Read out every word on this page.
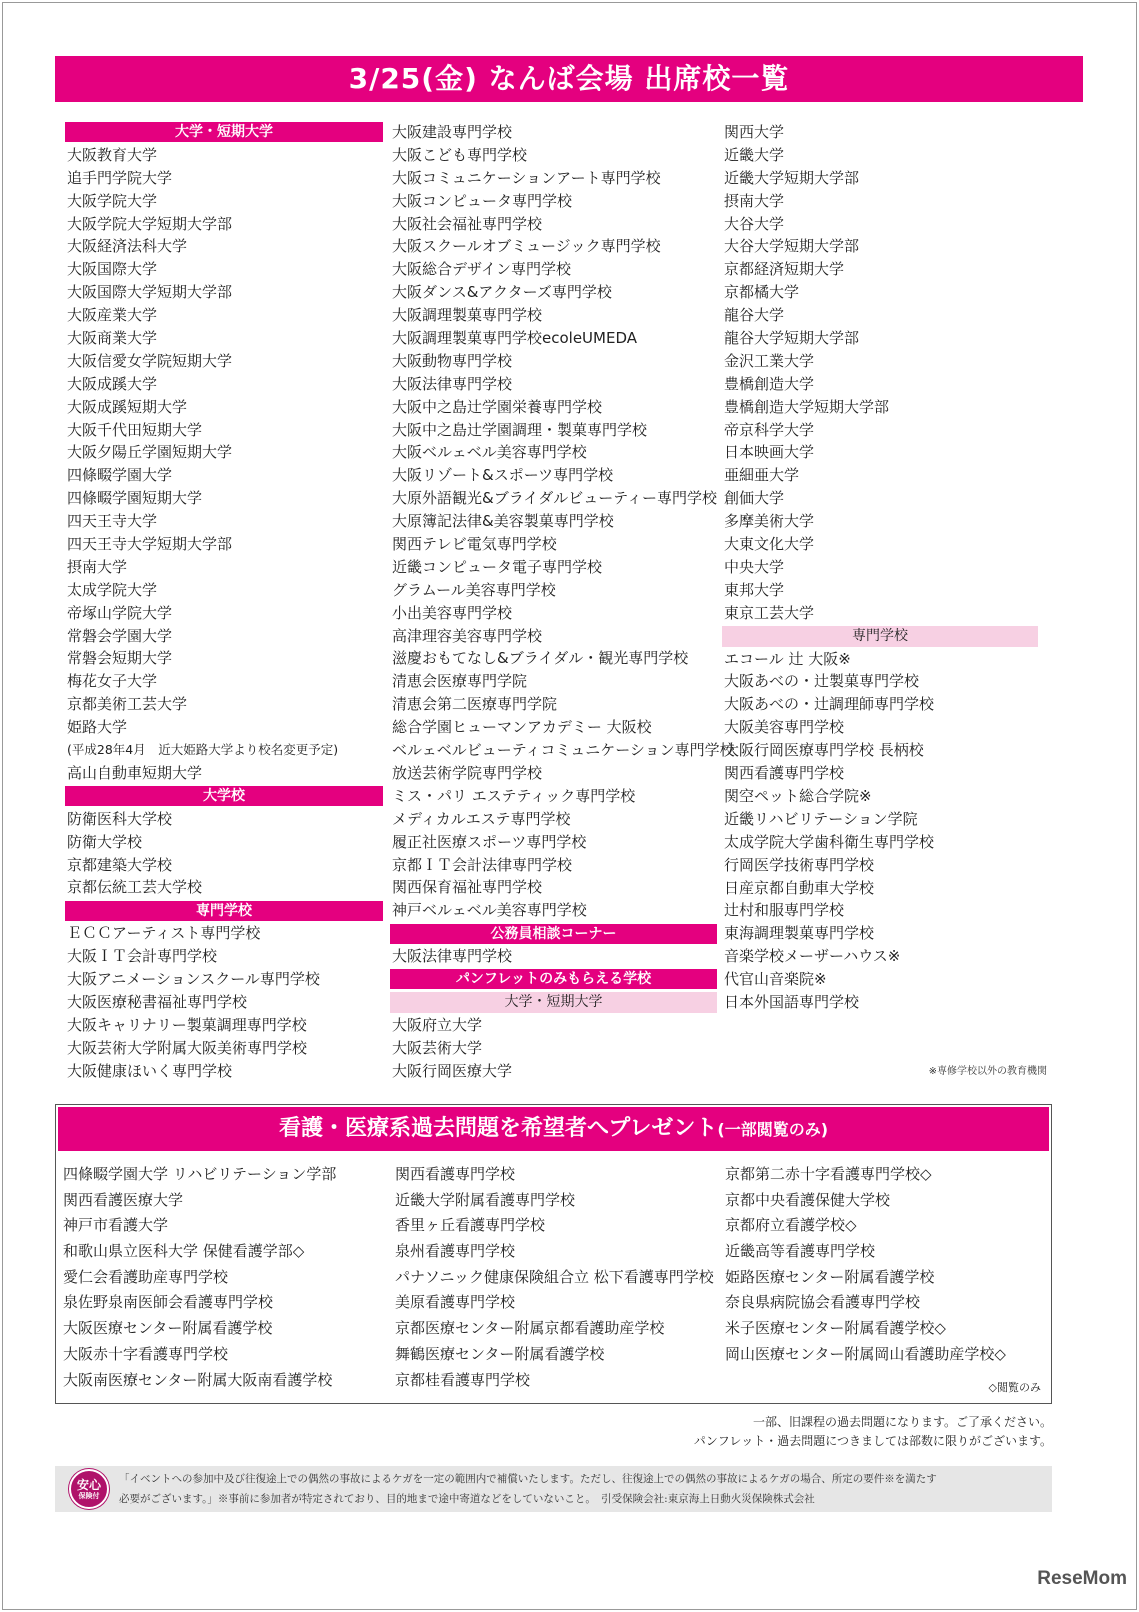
3/25(金) なんば会場 出席校一覧
大学・短期大学
大阪教育大学
追手門学院大学
大阪学院大学
大阪学院大学短期大学部
大阪経済法科大学
大阪国際大学
大阪国際大学短期大学部
大阪産業大学
大阪商業大学
大阪信愛女学院短期大学
大阪成蹊大学
大阪成蹊短期大学
大阪千代田短期大学
大阪夕陽丘学園短期大学
四條畷学園大学
四條畷学園短期大学
四天王寺大学
四天王寺大学短期大学部
摂南大学
太成学院大学
帝塚山学院大学
常磐会学園大学
常磐会短期大学
梅花女子大学
京都美術工芸大学
姫路大学
(平成28年4月　近大姫路大学より校名変更予定)
高山自動車短期大学
大学校
防衛医科大学校
防衛大学校
京都建築大学校
京都伝統工芸大学校
専門学校
ＥＣＣアーティスト専門学校
大阪ＩＴ会計専門学校
大阪アニメーションスクール専門学校
大阪医療秘書福祉専門学校
大阪キャリナリー製菓調理専門学校
大阪芸術大学附属大阪美術専門学校
大阪健康ほいく専門学校
大阪建設専門学校
大阪こども専門学校
大阪コミュニケーションアート専門学校
大阪コンピュータ専門学校
大阪社会福祉専門学校
大阪スクールオブミュージック専門学校
大阪総合デザイン専門学校
大阪ダンス&アクターズ専門学校
大阪調理製菓専門学校
大阪調理製菓専門学校ecoleUMEDA
大阪動物専門学校
大阪法律専門学校
大阪中之島辻学園栄養専門学校
大阪中之島辻学園調理・製菓専門学校
大阪ベルェベル美容専門学校
大阪リゾート&スポーツ専門学校
大原外語観光&ブライダルビューティー専門学校
大原簿記法律&美容製菓専門学校
関西テレビ電気専門学校
近畿コンピュータ電子専門学校
グラムール美容専門学校
小出美容専門学校
高津理容美容専門学校
滋慶おもてなし&ブライダル・観光専門学校
清恵会医療専門学院
清恵会第二医療専門学院
総合学園ヒューマンアカデミー 大阪校
ベルェベルビューティコミュニケーション専門学校
放送芸術学院専門学校
ミス・パリ エステティック専門学校
メディカルエステ専門学校
履正社医療スポーツ専門学校
京都ＩＴ会計法律専門学校
関西保育福祉専門学校
神戸ベルェベル美容専門学校
公務員相談コーナー
大阪法律専門学校
パンフレットのみもらえる学校
大学・短期大学
大阪府立大学
大阪芸術大学
大阪行岡医療大学
関西大学
近畿大学
近畿大学短期大学部
摂南大学
大谷大学
大谷大学短期大学部
京都経済短期大学
京都橘大学
龍谷大学
龍谷大学短期大学部
金沢工業大学
豊橋創造大学
豊橋創造大学短期大学部
帝京科学大学
日本映画大学
亜細亜大学
創価大学
多摩美術大学
大東文化大学
中央大学
東邦大学
東京工芸大学
専門学校
エコール 辻 大阪※
大阪あべの・辻製菓専門学校
大阪あべの・辻調理師専門学校
大阪美容専門学校
大阪行岡医療専門学校 長柄校
関西看護専門学校
関空ペット総合学院※
近畿リハビリテーション学院
太成学院大学歯科衛生専門学校
行岡医学技術専門学校
日産京都自動車大学校
辻村和服専門学校
東海調理製菓専門学校
音楽学校メーザーハウス※
代官山音楽院※
日本外国語専門学校
※専修学校以外の教育機関
看護・医療系過去問題を希望者へプレゼント(一部閲覧のみ)
四條畷学園大学 リハビリテーション学部
関西看護医療大学
神戸市看護大学
和歌山県立医科大学 保健看護学部◇
愛仁会看護助産専門学校
泉佐野泉南医師会看護専門学校
大阪医療センター附属看護学校
大阪赤十字看護専門学校
大阪南医療センター附属大阪南看護学校
関西看護専門学校
近畿大学附属看護専門学校
香里ヶ丘看護専門学校
泉州看護専門学校
パナソニック健康保険組合立 松下看護専門学校
美原看護専門学校
京都医療センター附属京都看護助産学校
舞鶴医療センター附属看護学校
京都桂看護専門学校
京都第二赤十字看護専門学校◇
京都中央看護保健大学校
京都府立看護学校◇
近畿高等看護専門学校
姫路医療センター附属看護学校
奈良県病院協会看護専門学校
米子医療センター附属看護学校◇
岡山医療センター附属岡山看護助産学校◇
◇閲覧のみ
一部、旧課程の過去問題になります。ご了承ください。
パンフレット・過去問題につきましては部数に限りがございます。
安心
保険付
「イベントへの参加中及び往復途上での偶然の事故によるケガを一定の範囲内で補償いたします。ただし、往復途上での偶然の事故によるケガの場合、所定の要件※を満たす
必要がございます。」※事前に参加者が特定されており、目的地まで途中寄道などをしていないこと。　引受保険会社:東京海上日動火災保険株式会社
ReseMom
